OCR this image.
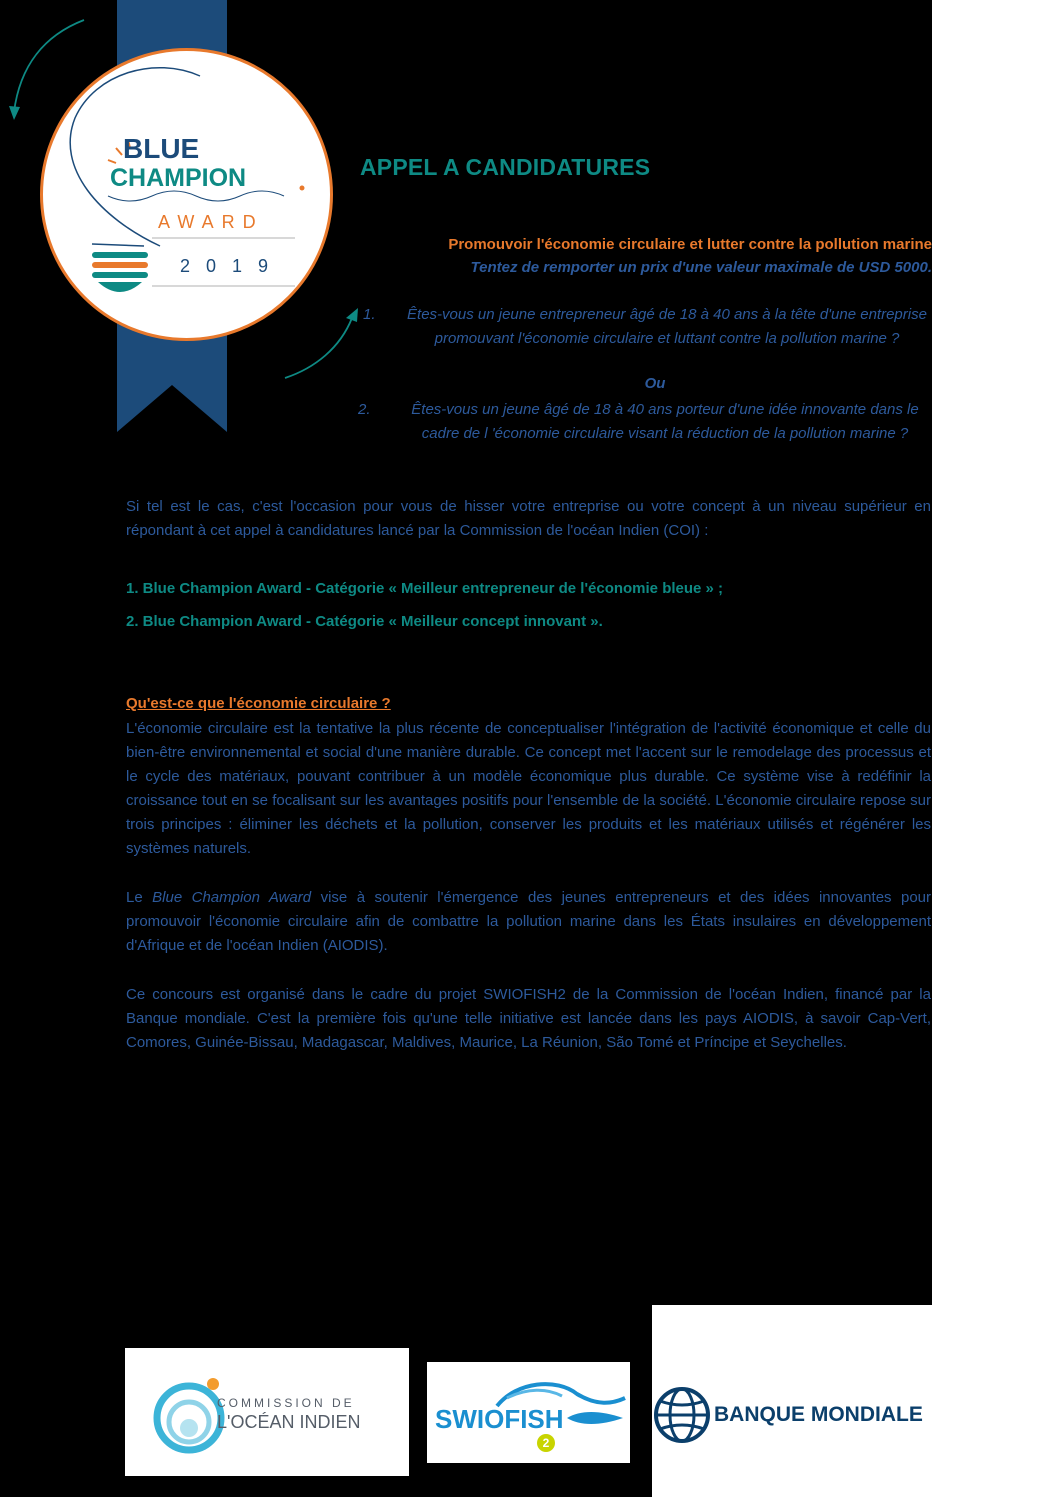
BLUE
CHAMPION
AWARD
2019
APPEL A CANDIDATURES
Promouvoir l'économie circulaire et lutter contre la pollution marine
Tentez de remporter un prix d'une valeur maximale de USD 5000.
1. Êtes-vous un jeune entrepreneur âgé de 18 à 40 ans à la tête d'une entreprise promouvant l'économie circulaire et luttant contre la pollution marine ?
Ou
2.	Êtes-vous un jeune âgé de 18 à 40 ans porteur d'une idée innovante dans le cadre de l 'économie circulaire visant la réduction de la pollution marine ?
Si tel est le cas, c'est l'occasion pour vous de hisser votre entreprise ou votre concept à un niveau supérieur en répondant à cet appel à candidatures lancé par la Commission de l'océan Indien (COI) :
1. Blue Champion Award - Catégorie « Meilleur entrepreneur de l'économie bleue » ;
2. Blue Champion Award - Catégorie « Meilleur concept innovant ».
Qu'est-ce que l'économie circulaire ?
L'économie circulaire est la tentative la plus récente de conceptualiser l'intégration de l'activité économique et celle du bien-être environnemental et social d'une manière durable. Ce concept met l'accent sur le remodelage des processus et le cycle des matériaux, pouvant contribuer à un modèle économique plus durable. Ce système vise à redéfinir la croissance tout en se focalisant sur les avantages positifs pour l'ensemble de la société. L'économie circulaire repose sur trois principes : éliminer les déchets et la pollution, conserver les produits et les matériaux utilisés et régénérer les systèmes naturels.
Le Blue Champion Award vise à soutenir l'émergence des jeunes entrepreneurs et des idées innovantes pour promouvoir l'économie circulaire afin de combattre la pollution marine dans les États insulaires en développement d'Afrique et de l'océan Indien (AIODIS).
Ce concours est organisé dans le cadre du projet SWIOFISH2 de la Commission de l'océan Indien, financé par la Banque mondiale. C'est la première fois qu'une telle initiative est lancée dans les pays AIODIS, à savoir Cap-Vert, Comores, Guinée-Bissau, Madagascar, Maldives, Maurice, La Réunion, São Tomé et Príncipe et Seychelles.
COMMISSION DE
L'OCÉAN INDIEN	SWIOFISH
2
BANQUE MONDIALE
